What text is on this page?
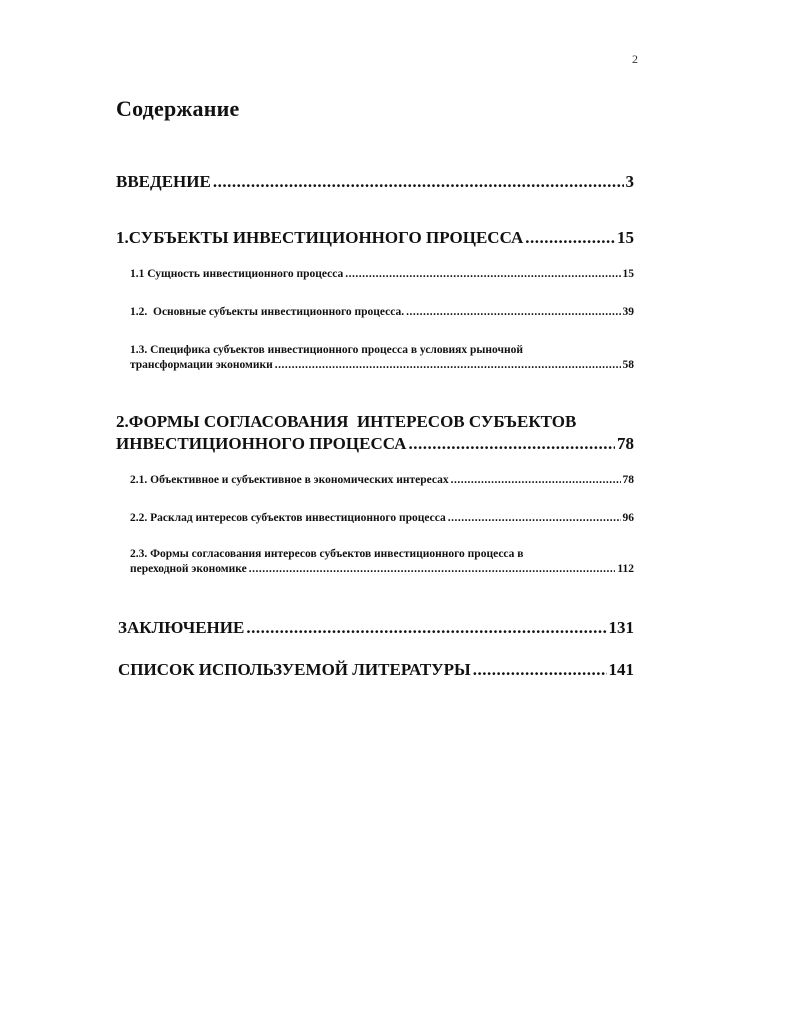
2
Содержание
ВВЕДЕНИЕ .....	3
1.СУБЪЕКТЫ ИНВЕСТИЦИОННОГО ПРОЦЕССА .....	15
1.1 Сущность инвестиционного процесса .....	15
1.2.  Основные субъекты инвестиционного процесса. .....	39
1.3. Специфика субъектов инвестиционного процесса в условиях рыночной
трансформации экономики .....	58
2.ФОРМЫ СОГЛАСОВАНИЯ  ИНТЕРЕСОВ СУБЪЕКТОВ
ИНВЕСТИЦИОННОГО ПРОЦЕССА .....	78
2.1. Объективное и субъективное в экономических интересах .....	78
2.2. Расклад интересов субъектов инвестиционного процесса .....	96
2.3. Формы согласования интересов субъектов инвестиционного процесса в
переходной экономике .....	112
ЗАКЛЮЧЕНИЕ .....	131
СПИСОК ИСПОЛЬЗУЕМОЙ ЛИТЕРАТУРЫ .....	141
